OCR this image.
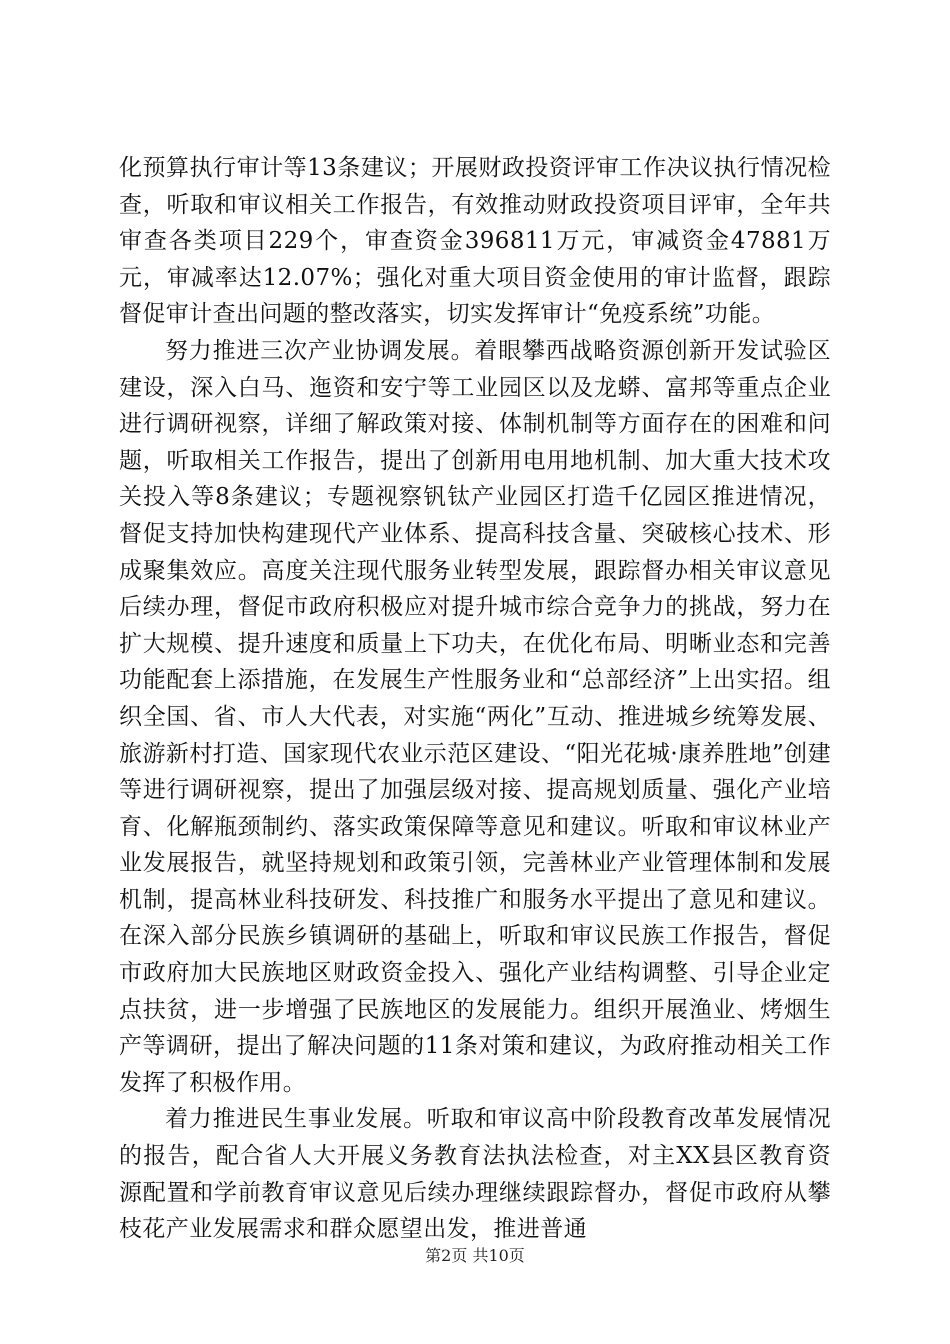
化预算执行审计等13条建议；开展财政投资评审工作决议执行情况检查，听取和审议相关工作报告，有效推动财政投资项目评审，全年共审查各类项目229个，审查资金396811万元，审减资金47881万元，审减率达12.07%；强化对重大项目资金使用的审计监督，跟踪督促审计查出问题的整改落实，切实发挥审计“免疫系统”功能。

努力推进三次产业协调发展。着眼攀西战略资源创新开发试验区建设，深入白马、迤资和安宁等工业园区以及龙蟒、富邦等重点企业进行调研视察，详细了解政策对接、体制机制等方面存在的困难和问题，听取相关工作报告，提出了创新用电用地机制、加大重大技术攻关投入等8条建议；专题视察钒钛产业园区打造千亿园区推进情况，督促支持加快构建现代产业体系、提高科技含量、突破核心技术、形成聚集效应。高度关注现代服务业转型发展，跟踪督办相关审议意见后续办理，督促市政府积极应对提升城市综合竞争力的挑战，努力在扩大规模、提升速度和质量上下功夫，在优化布局、明晰业态和完善功能配套上添措施，在发展生产性服务业和“总部经济”上出实招。组织全国、省、市人大代表，对实施“两化”互动、推进城乡统筹发展、旅游新村打造、国家现代农业示范区建设、“阳光花城·康养胜地”创建等进行调研视察，提出了加强层级对接、提高规划质量、强化产业培育、化解瓶颈制约、落实政策保障等意见和建议。听取和审议林业产业发展报告，就坚持规划和政策引领，完善林业产业管理体制和发展机制，提高林业科技研发、科技推广和服务水平提出了意见和建议。在深入部分民族乡镇调研的基础上，听取和审议民族工作报告，督促市政府加大民族地区财政资金投入、强化产业结构调整、引导企业定点扶贫，进一步增强了民族地区的发展能力。组织开展渔业、烤烟生产等调研，提出了解决问题的11条对策和建议，为政府推动相关工作发挥了积极作用。

着力推进民生事业发展。听取和审议高中阶段教育改革发展情况的报告，配合省人大开展义务教育法执法检查，对主XX县区教育资源配置和学前教育审议意见后续办理继续跟踪督办，督促市政府从攀枝花产业发展需求和群众愿望出发，推进普通

第2页 共10页
